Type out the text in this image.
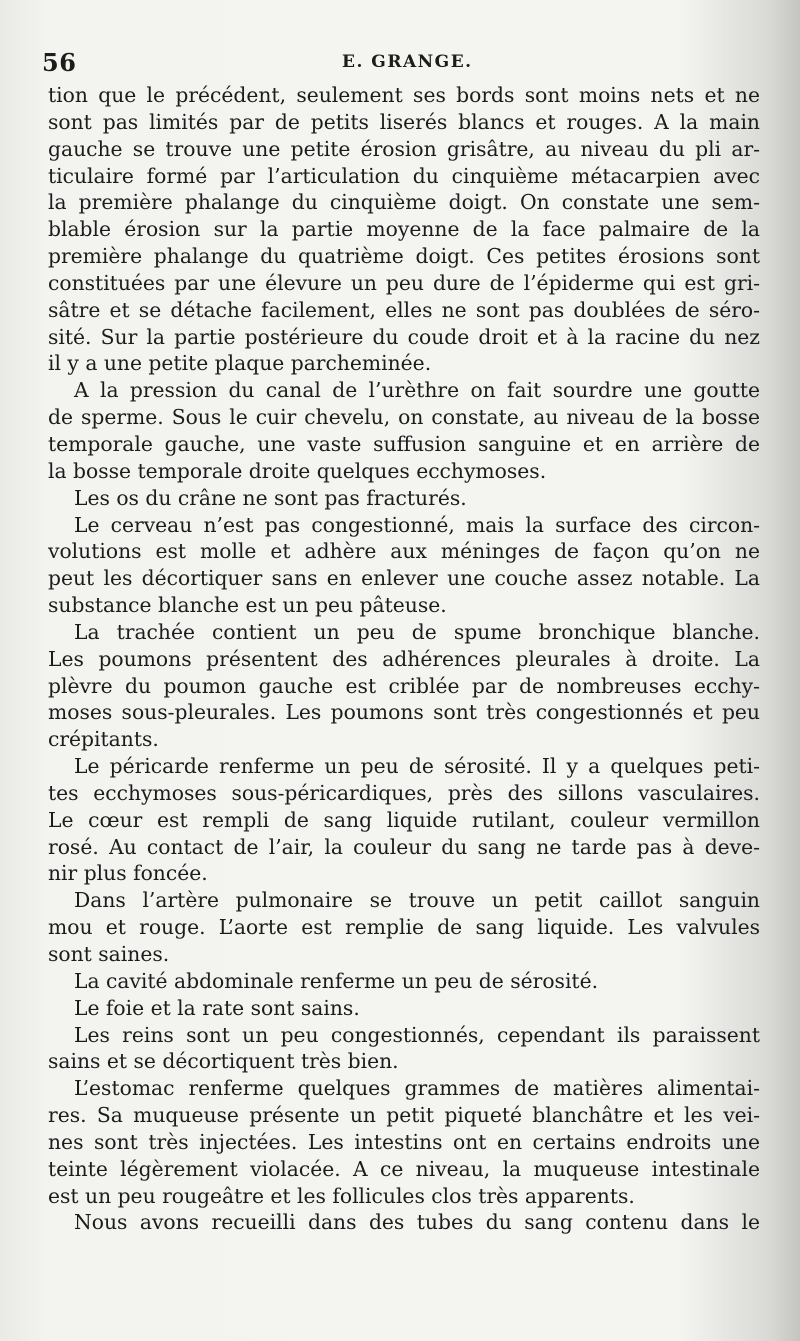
56	E. GRANGE.
tion que le précédent, seulement ses bords sont moins nets et ne
sont pas limités par de petits liserés blancs et rouges. A la main
gauche se trouve une petite érosion grisâtre, au niveau du pli ar-
ticulaire formé par l’articulation du cinquième métacarpien avec
la première phalange du cinquième doigt. On constate une sem-
blable érosion sur la partie moyenne de la face palmaire de la
première phalange du quatrième doigt. Ces petites érosions sont
constituées par une élevure un peu dure de l’épiderme qui est gri-
sâtre et se détache facilement, elles ne sont pas doublées de séro-
sité. Sur la partie postérieure du coude droit et à la racine du nez
il y a une petite plaque parcheminée.
A la pression du canal de l’urèthre on fait sourdre une goutte
de sperme. Sous le cuir chevelu, on constate, au niveau de la bosse
temporale gauche, une vaste suffusion sanguine et en arrière de
la bosse temporale droite quelques ecchymoses.
Les os du crâne ne sont pas fracturés.
Le cerveau n’est pas congestionné, mais la surface des circon-
volutions est molle et adhère aux méninges de façon qu’on ne
peut les décortiquer sans en enlever une couche assez notable. La
substance blanche est un peu pâteuse.
La trachée contient un peu de spume bronchique blanche.
Les poumons présentent des adhérences pleurales à droite. La
plèvre du poumon gauche est criblée par de nombreuses ecchy-
moses sous-pleurales. Les poumons sont très congestionnés et peu
crépitants.
Le péricarde renferme un peu de sérosité. Il y a quelques peti-
tes ecchymoses sous-péricardiques, près des sillons vasculaires.
Le cœur est rempli de sang liquide rutilant, couleur vermillon
rosé. Au contact de l’air, la couleur du sang ne tarde pas à deve-
nir plus foncée.
Dans l’artère pulmonaire se trouve un petit caillot sanguin
mou et rouge. L’aorte est remplie de sang liquide. Les valvules
sont saines.
La cavité abdominale renferme un peu de sérosité.
Le foie et la rate sont sains.
Les reins sont un peu congestionnés, cependant ils paraissent
sains et se décortiquent très bien.
L’estomac renferme quelques grammes de matières alimentai-
res. Sa muqueuse présente un petit piqueté blanchâtre et les vei-
nes sont très injectées. Les intestins ont en certains endroits une
teinte légèrement violacée. A ce niveau, la muqueuse intestinale
est un peu rougeâtre et les follicules clos très apparents.
Nous avons recueilli dans des tubes du sang contenu dans le
